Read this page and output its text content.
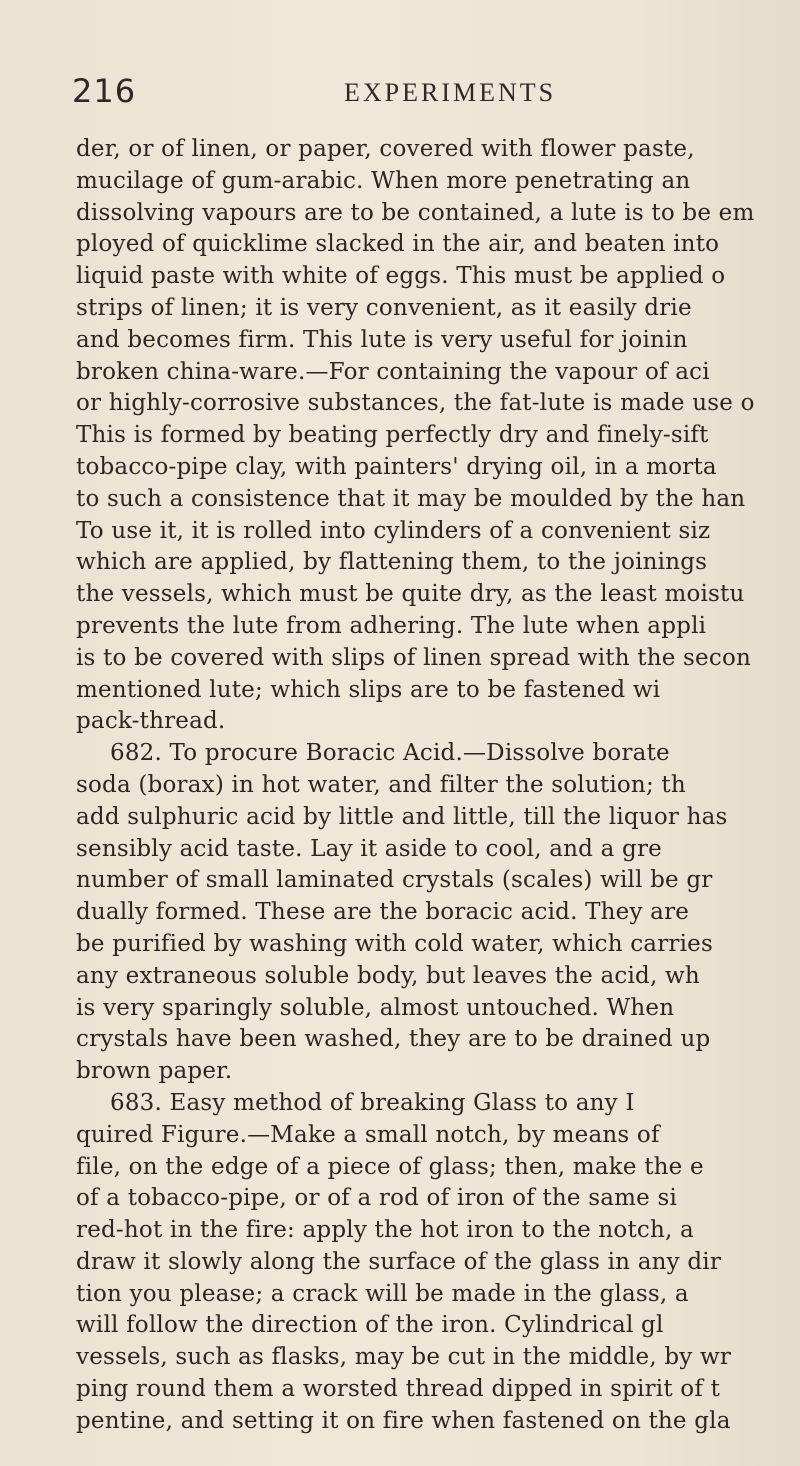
216	EXPERIMENTS
der, or of linen, or paper, covered with flower paste,
mucilage of gum-arabic. When more penetrating an
dissolving vapours are to be contained, a lute is to be em
ployed of quicklime slacked in the air, and beaten into
liquid paste with white of eggs. This must be applied o
strips of linen; it is very convenient, as it easily drie
and becomes firm. This lute is very useful for joinin
broken china-ware.—For containing the vapour of aci
or highly-corrosive substances, the fat-lute is made use o
This is formed by beating perfectly dry and finely-sift
tobacco-pipe clay, with painters' drying oil, in a morta
to such a consistence that it may be moulded by the han
To use it, it is rolled into cylinders of a convenient siz
which are applied, by flattening them, to the joinings
the vessels, which must be quite dry, as the least moistu
prevents the lute from adhering. The lute when appli
is to be covered with slips of linen spread with the secon
mentioned lute; which slips are to be fastened wi
pack-thread.
682. To procure Boracic Acid.—Dissolve borate
soda (borax) in hot water, and filter the solution; th
add sulphuric acid by little and little, till the liquor has
sensibly acid taste. Lay it aside to cool, and a gre
number of small laminated crystals (scales) will be gr
dually formed. These are the boracic acid. They are
be purified by washing with cold water, which carries
any extraneous soluble body, but leaves the acid, wh
is very sparingly soluble, almost untouched. When
crystals have been washed, they are to be drained up
brown paper.
683. Easy method of breaking Glass to any I
quired Figure.—Make a small notch, by means of
file, on the edge of a piece of glass; then, make the e
of a tobacco-pipe, or of a rod of iron of the same si
red-hot in the fire: apply the hot iron to the notch, a
draw it slowly along the surface of the glass in any dir
tion you please; a crack will be made in the glass, a
will follow the direction of the iron. Cylindrical gl
vessels, such as flasks, may be cut in the middle, by wr
ping round them a worsted thread dipped in spirit of t
pentine, and setting it on fire when fastened on the gla
